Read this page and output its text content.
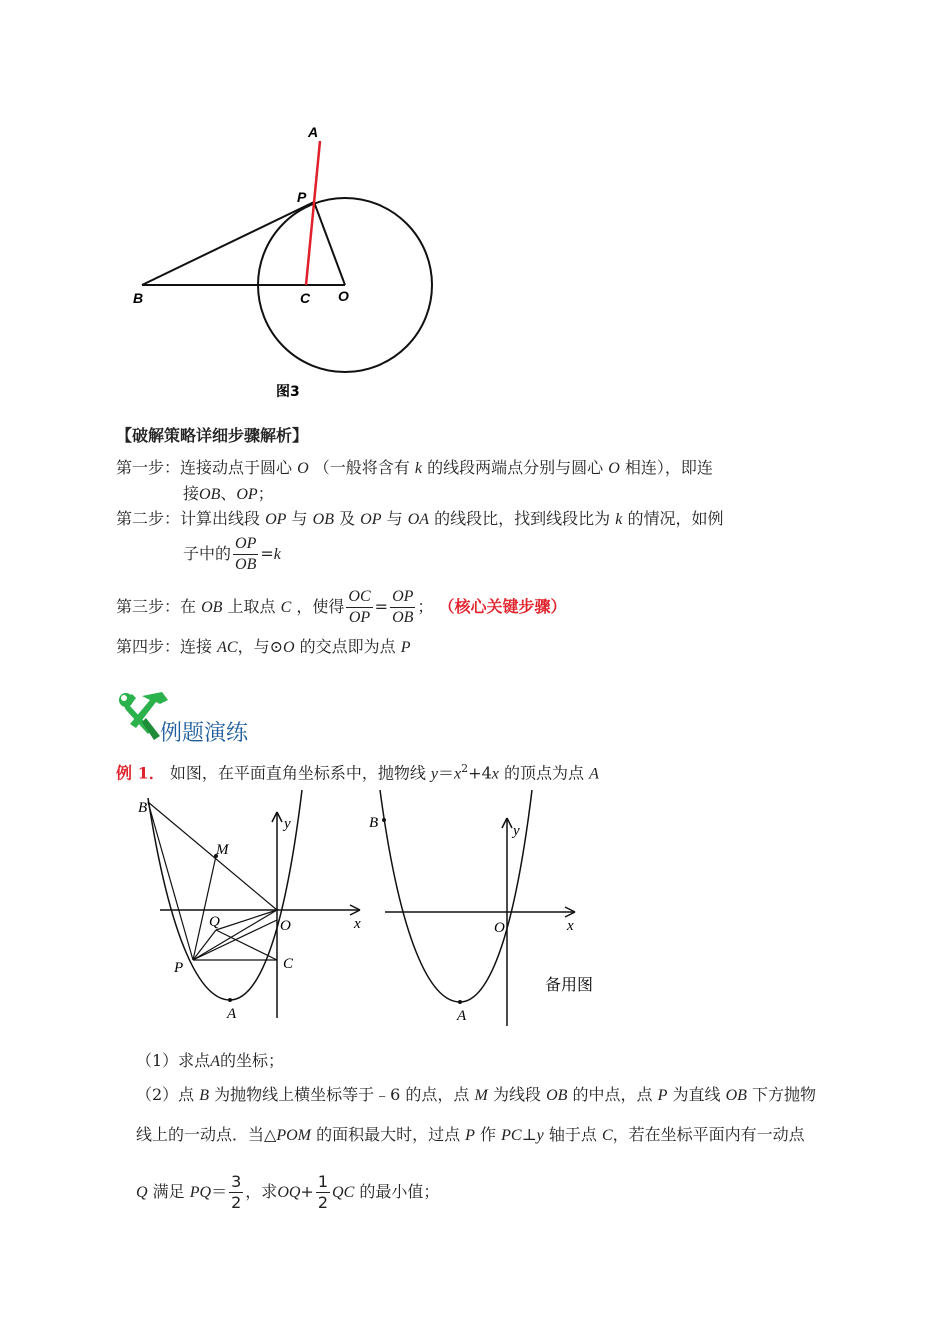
A
P
B	C O
图3
【破解策略详细步骤解析】
第一步：连接动点于圆心 O （一般将含有 k 的线段两端点分别与圆心 O 相连），即连
接OB、OP；
第二步：计算出线段 OP 与 OB 及 OP 与 OA 的线段比，找到线段比为 k 的情况，如例
子中的 $\frac{OP}{OB} =k$
第三步：在 OB 上取点 C ，使得 $\frac{OC}{OP} = \frac{OP}{OB}$ ； （核心关键步骤）
第四步：连接 AC，与⊙O 的交点即为点 P
例题演练
例 1． 如图，在平面直角坐标系中，抛物线 $y=x^2+4x$ 的顶点为点 A
B
M
y
x
O
Q
P	C
A
B	y
x
O
A
备用图
（1）求点A的坐标；
（2）点 B 为抛物线上横坐标等于﹣6 的点，点 M 为线段 OB 的中点，点 P 为直线 OB 下方抛物
线上的一动点．当△POM 的面积最大时，过点 P 作 PC⊥y 轴于点 C，若在坐标平面内有一动点
Q 满足 $PQ= \frac{3}{2}$ ，求$OQ+ \frac{1}{2}$ QC 的最小值；
